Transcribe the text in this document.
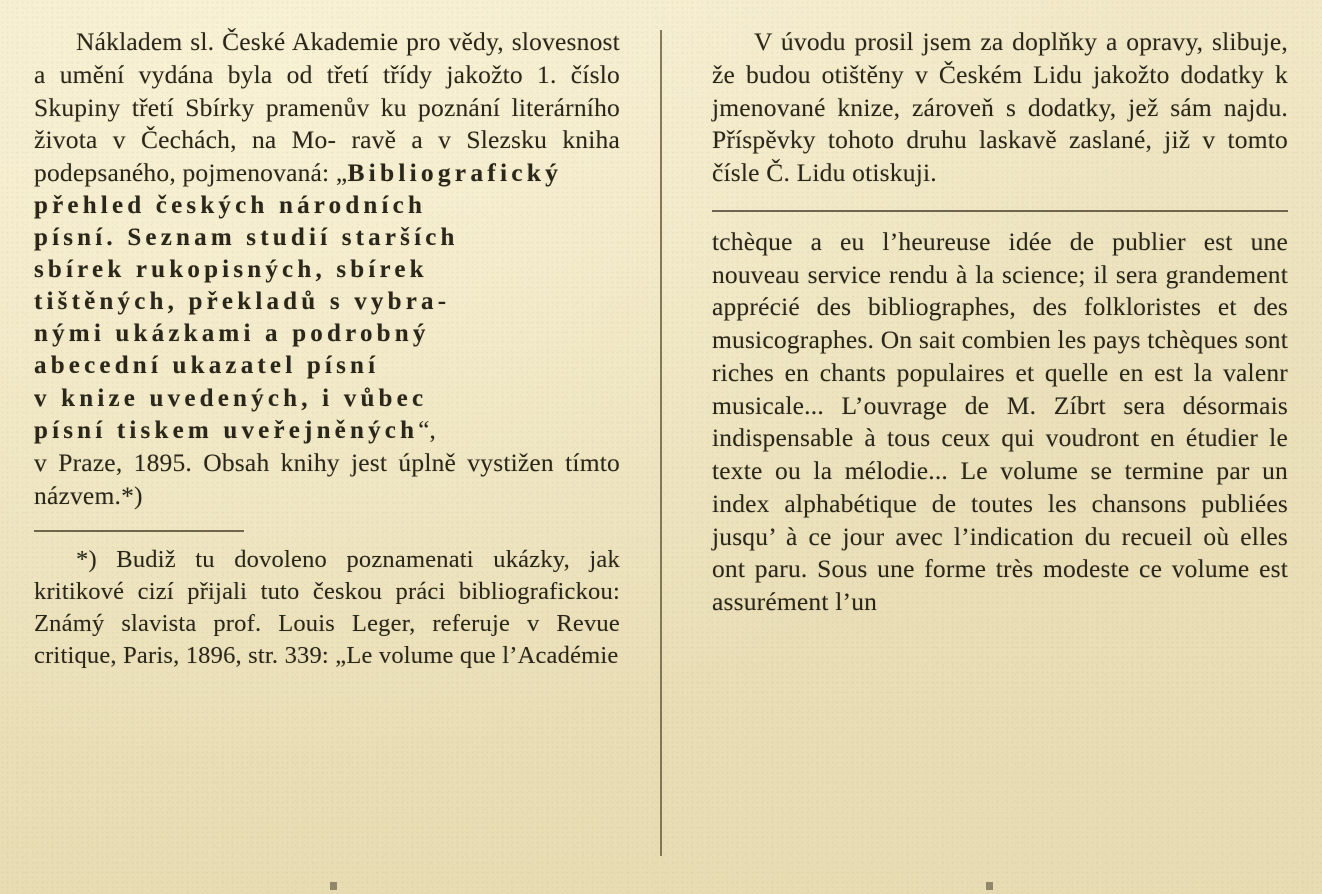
Nákladem sl. České Akademie pro vědy, slovesnost a umění vydána byla od třetí třídy jakožto 1. číslo Skupiny třetí Sbírky pramenův ku poznání literárního života v Čechách, na Mo- ravě a v Slezsku kniha podepsaného, pojmenovaná: „Bibliografický

přehled českých národních

písní. Seznam studií starších

sbírek rukopisných, sbírek

tištěných, překladů s vybra-

nými ukázkami a podrobný

abecední ukazatel písní

v knize uvedených, i vůbec

písní tiskem uveřejněných“,

v Praze, 1895. Obsah knihy jest úplně vystižen tímto názvem.*)

*) Budiž tu dovoleno poznamenati ukázky, jak kritikové cizí přijali tuto českou práci bibliografickou: Známý slavista prof. Louis Leger, referuje v Revue critique, Paris, 1896, str. 339: „Le volume que l’Académie

V úvodu prosil jsem za doplňky a opravy, slibuje, že budou otištěny v Českém Lidu jakožto dodatky k jmenované knize, zároveň s dodatky, jež sám najdu. Příspěvky tohoto druhu laskavě zaslané, již v tomto čísle Č. Lidu otiskuji.

tchèque a eu l’heureuse idée de publier est une nouveau service rendu à la science; il sera grandement apprécié des bibliographes, des folkloristes et des musicographes. On sait combien les pays tchèques sont riches en chants populaires et quelle en est la valenr musicale... L’ouvrage de M. Zíbrt sera désormais indispensable à tous ceux qui voudront en étudier le texte ou la mélodie... Le volume se termine par un index alphabétique de toutes les chansons publiées jusqu’ à ce jour avec l’indication du recueil où elles ont paru. Sous une forme très modeste ce volume est assurément l’un
